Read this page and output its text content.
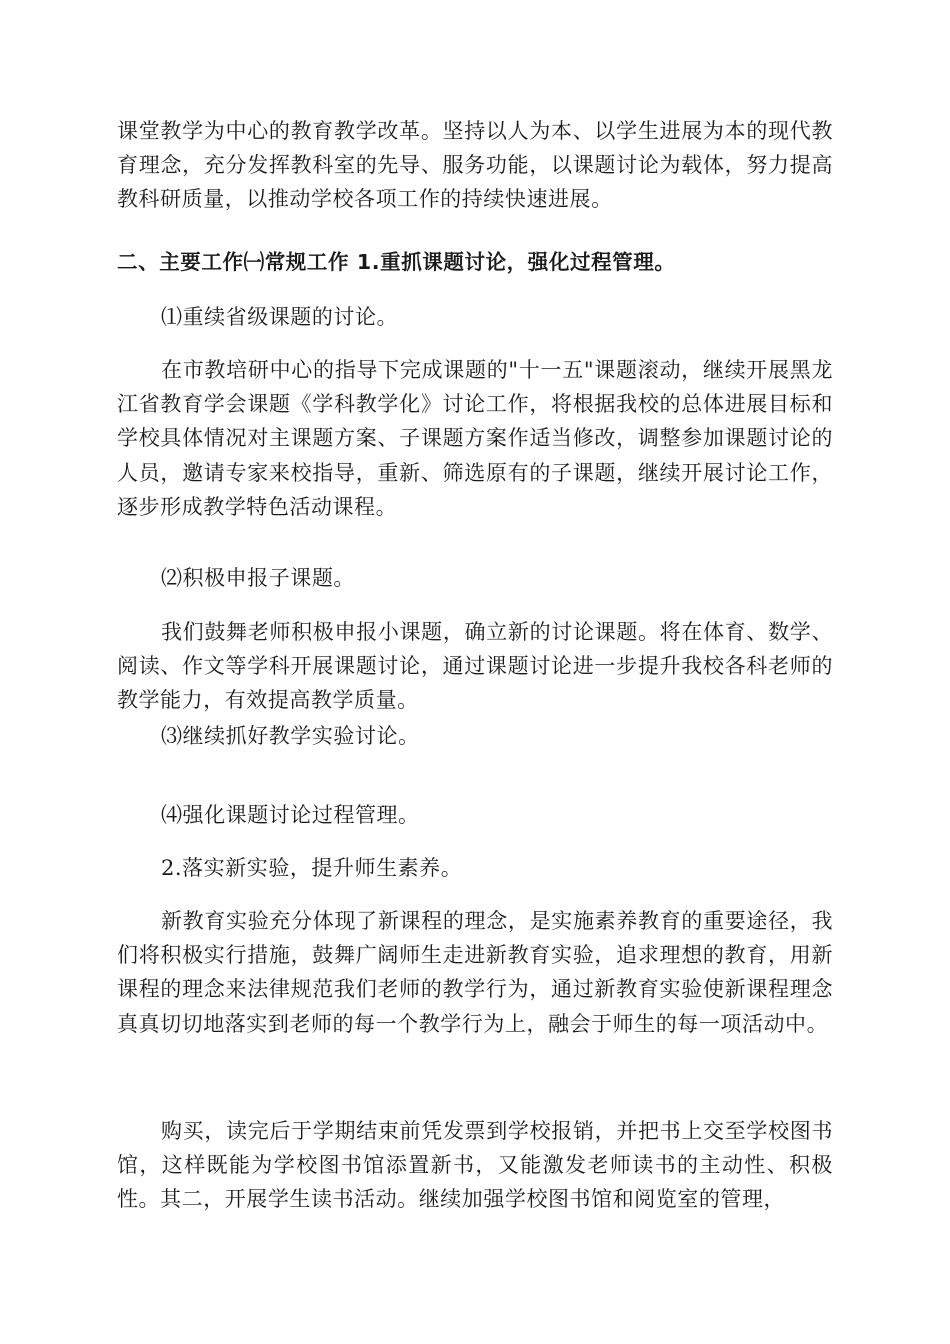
课堂教学为中心的教育教学改革。坚持以人为本、以学生进展为本的现代教育理念，充分发挥教科室的先导、服务功能，以课题讨论为载体，努力提高教科研质量，以推动学校各项工作的持续快速进展。

二、主要工作㈠常规工作 1.重抓课题讨论，强化过程管理。

⑴重续省级课题的讨论。

在市教培研中心的指导下完成课题的"十一五"课题滚动，继续开展黑龙江省教育学会课题《学科教学化》讨论工作，将根据我校的总体进展目标和学校具体情况对主课题方案、子课题方案作适当修改，调整参加课题讨论的人员，邀请专家来校指导，重新、筛选原有的子课题，继续开展讨论工作，逐步形成教学特色活动课程。

⑵积极申报子课题。

我们鼓舞老师积极申报小课题，确立新的讨论课题。将在体育、数学、阅读、作文等学科开展课题讨论，通过课题讨论进一步提升我校各科老师的教学能力，有效提高教学质量。

⑶继续抓好教学实验讨论。

⑷强化课题讨论过程管理。

2.落实新实验，提升师生素养。

新教育实验充分体现了新课程的理念，是实施素养教育的重要途径，我们将积极实行措施，鼓舞广阔师生走进新教育实验，追求理想的教育，用新课程的理念来法律规范我们老师的教学行为，通过新教育实验使新课程理念真真切切地落实到老师的每一个教学行为上，融会于师生的每一项活动中。

购买，读完后于学期结束前凭发票到学校报销，并把书上交至学校图书馆，这样既能为学校图书馆添置新书，又能激发老师读书的主动性、积极性。其二，开展学生读书活动。继续加强学校图书馆和阅览室的管理，
